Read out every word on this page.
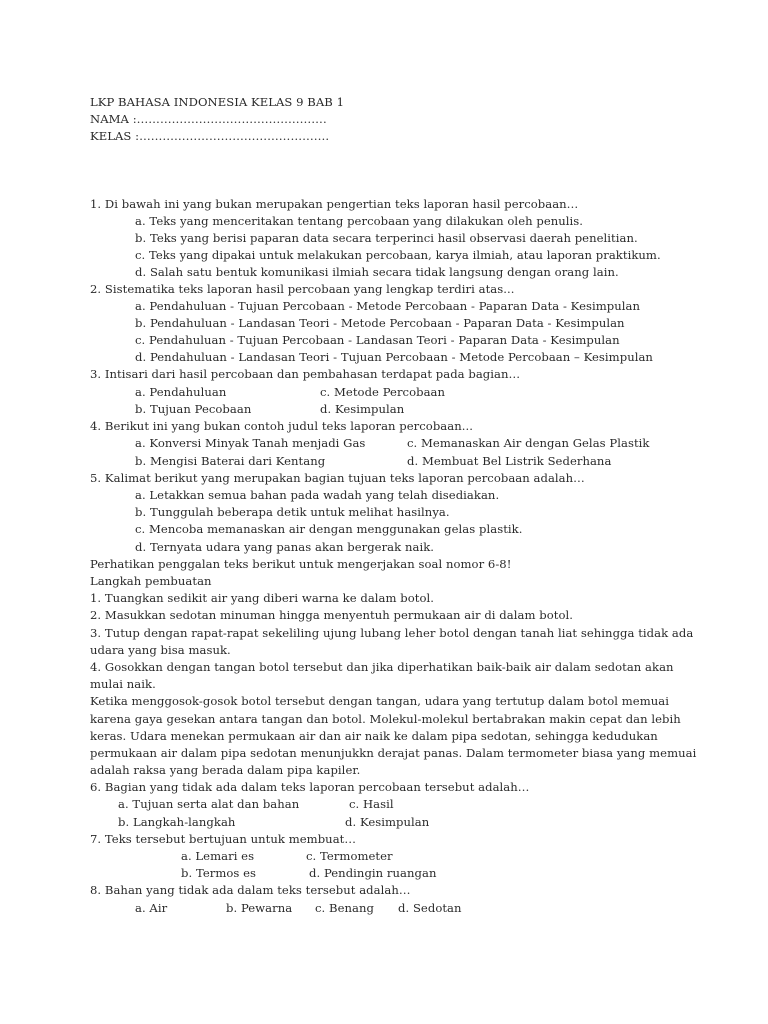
LKP BAHASA INDONESIA KELAS 9 BAB 1
NAMA :………………………………………….
KELAS :………………………………………….
1. Di bawah ini yang bukan merupakan pengertian teks laporan hasil percobaan…
a. Teks yang menceritakan tentang percobaan yang dilakukan oleh penulis.
b. Teks yang berisi paparan data secara terperinci hasil observasi daerah penelitian.
c. Teks yang dipakai untuk melakukan percobaan, karya ilmiah, atau laporan praktikum.
d. Salah satu bentuk komunikasi ilmiah secara tidak langsung dengan orang lain.
2. Sistematika teks laporan hasil percobaan yang lengkap terdiri atas...
a. Pendahuluan - Tujuan Percobaan - Metode Percobaan - Paparan Data - Kesimpulan
b. Pendahuluan - Landasan Teori - Metode Percobaan - Paparan Data - Kesimpulan
c. Pendahuluan - Tujuan Percobaan - Landasan Teori - Paparan Data - Kesimpulan
d. Pendahuluan - Landasan Teori - Tujuan Percobaan - Metode Percobaan – Kesimpulan
3. Intisari dari hasil percobaan dan pembahasan terdapat pada bagian…
a. Pendahuluan	c. Metode Percobaan
b. Tujuan Pecobaan	d. Kesimpulan
4. Berikut ini yang bukan contoh judul teks laporan percobaan...
a. Konversi Minyak Tanah menjadi Gas	c. Memanaskan Air dengan Gelas Plastik
b. Mengisi Baterai dari Kentang	d. Membuat Bel Listrik Sederhana
5. Kalimat berikut yang merupakan bagian tujuan teks laporan percobaan adalah…
a. Letakkan semua bahan pada wadah yang telah disediakan.
b. Tunggulah beberapa detik untuk melihat hasilnya.
c. Mencoba memanaskan air dengan menggunakan gelas plastik.
d. Ternyata udara yang panas akan bergerak naik.
Perhatikan penggalan teks berikut untuk mengerjakan soal nomor 6-8!
Langkah pembuatan
1. Tuangkan sedikit air yang diberi warna ke dalam botol.
2. Masukkan sedotan minuman hingga menyentuh permukaan air di dalam botol.
3. Tutup dengan rapat-rapat sekeliling ujung lubang leher botol dengan tanah liat sehingga tidak ada
udara yang bisa masuk.
4. Gosokkan dengan tangan botol tersebut dan jika diperhatikan baik-baik air dalam sedotan akan
mulai naik.
Ketika menggosok-gosok botol tersebut dengan tangan, udara yang tertutup dalam botol memuai
karena gaya gesekan antara tangan dan botol. Molekul-molekul bertabrakan makin cepat dan lebih
keras. Udara menekan permukaan air dan air naik ke dalam pipa sedotan, sehingga kedudukan
permukaan air dalam pipa sedotan menunjukkn derajat panas. Dalam termometer biasa yang memuai
adalah raksa yang berada dalam pipa kapiler.
6. Bagian yang tidak ada dalam teks laporan percobaan tersebut adalah…
a. Tujuan serta alat dan bahan	c. Hasil
b. Langkah-langkah	d. Kesimpulan
7. Teks tersebut bertujuan untuk membuat…
a. Lemari es	c. Termometer
b. Termos es	d. Pendingin ruangan
8. Bahan yang tidak ada dalam teks tersebut adalah…
a. Air	b. Pewarna c. Benang d. Sedotan
